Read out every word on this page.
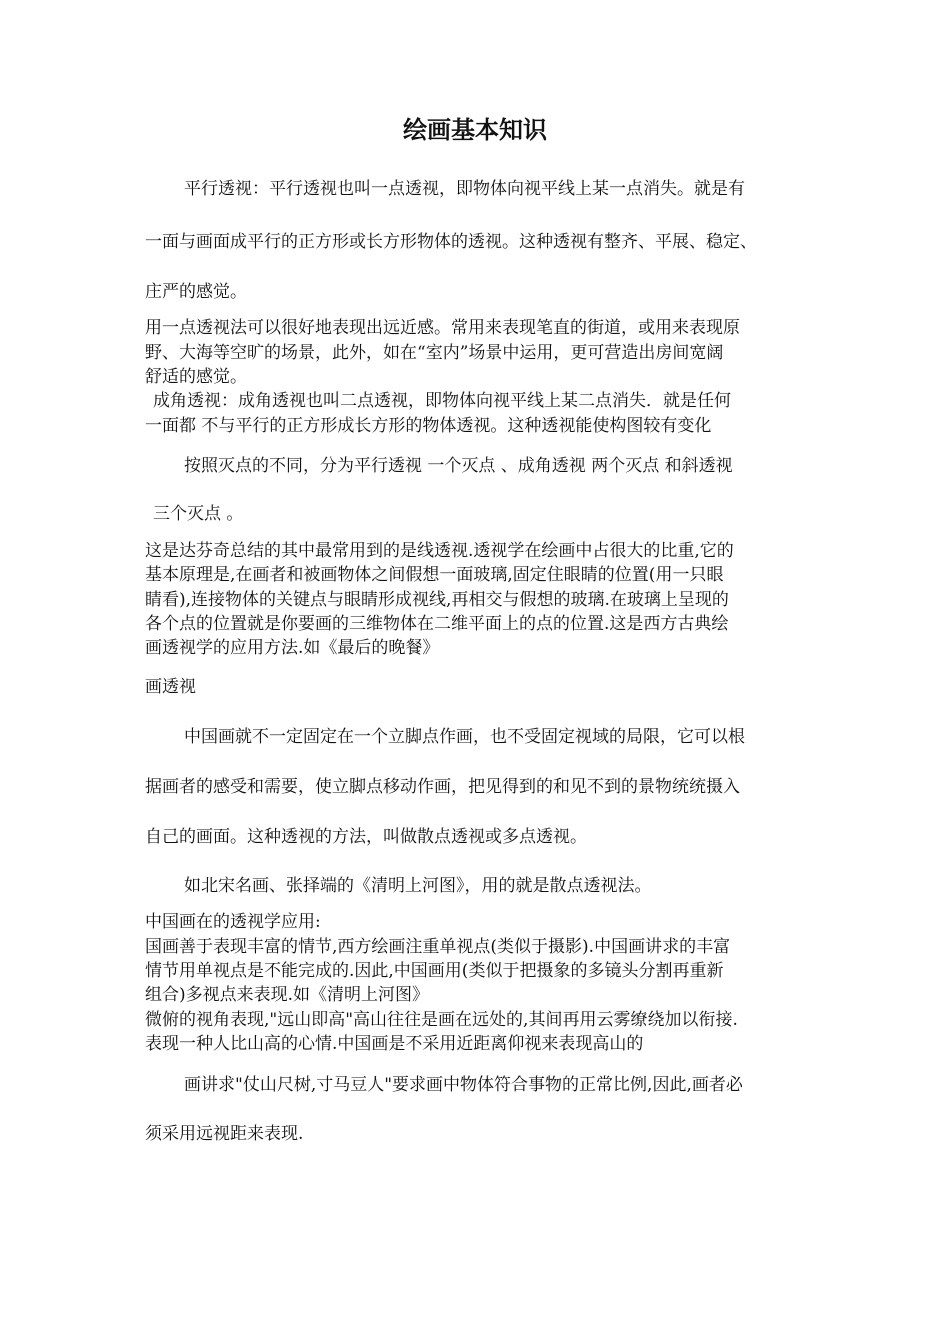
绘画基本知识

平行透视：平行透视也叫一点透视，即物体向视平线上某一点消失。就是有

一面与画面成平行的正方形或长方形物体的透视。这种透视有整齐、平展、稳定、

庄严的感觉。

用一点透视法可以很好地表现出远近感。常用来表现笔直的街道，或用来表现原

野、大海等空旷的场景，此外，如在“室内”场景中运用，更可营造出房间宽阔

舒适的感觉。

成角透视：成角透视也叫二点透视，即物体向视平线上某二点消失．就是任何

一面都 不与平行的正方形成长方形的物体透视。这种透视能使构图较有变化

按照灭点的不同，分为平行透视 一个灭点 、成角透视 两个灭点 和斜透视

三个灭点 。

这是达芬奇总结的其中最常用到的是线透视.透视学在绘画中占很大的比重,它的

基本原理是,在画者和被画物体之间假想一面玻璃,固定住眼睛的位置(用一只眼

睛看),连接物体的关键点与眼睛形成视线,再相交与假想的玻璃.在玻璃上呈现的

各个点的位置就是你要画的三维物体在二维平面上的点的位置.这是西方古典绘

画透视学的应用方法.如《最后的晚餐》

画透视

中国画就不一定固定在一个立脚点作画，也不受固定视域的局限，它可以根

据画者的感受和需要，使立脚点移动作画，把见得到的和见不到的景物统统摄入

自己的画面。这种透视的方法，叫做散点透视或多点透视。

如北宋名画、张择端的《清明上河图》，用的就是散点透视法。

中国画在的透视学应用:

国画善于表现丰富的情节,西方绘画注重单视点(类似于摄影).中国画讲求的丰富

情节用单视点是不能完成的.因此,中国画用(类似于把摄象的多镜头分割再重新

组合)多视点来表现.如《清明上河图》

微俯的视角表现,"远山即高"高山往往是画在远处的,其间再用云雾缭绕加以衔接.

表现一种人比山高的心情.中国画是不采用近距离仰视来表现高山的

画讲求"仗山尺树,寸马豆人"要求画中物体符合事物的正常比例,因此,画者必

须采用远视距来表现.
